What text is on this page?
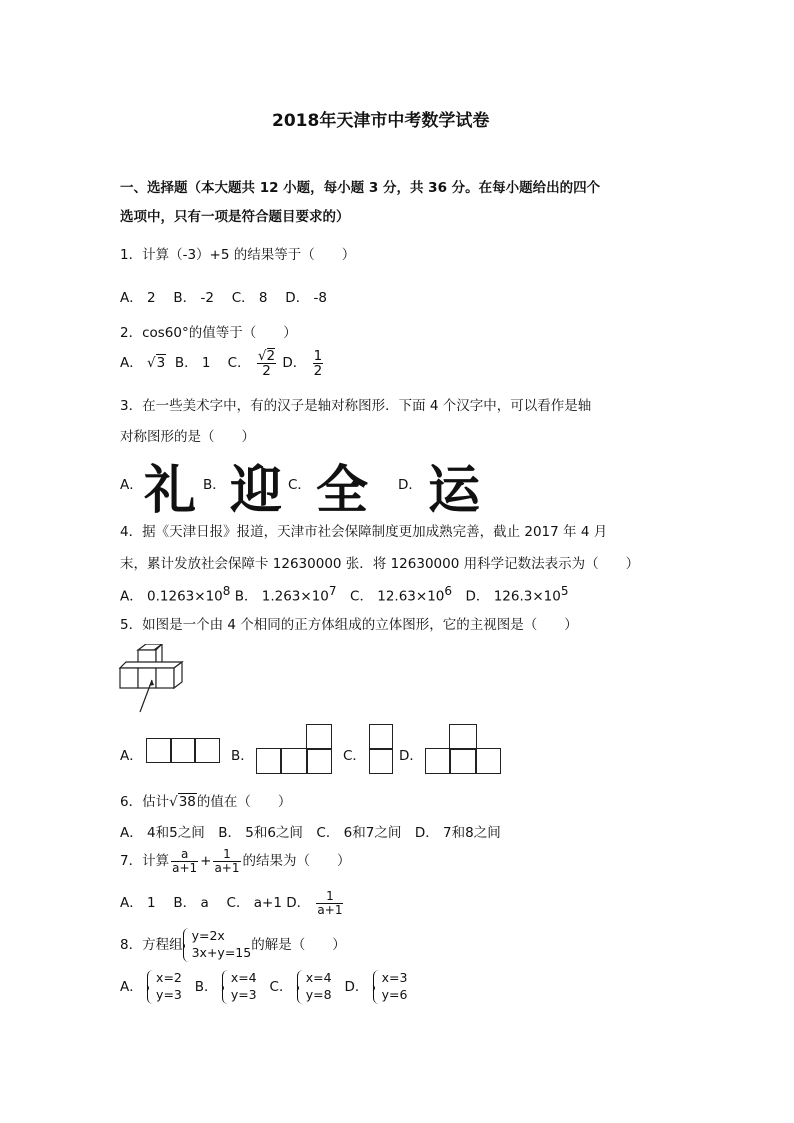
2018年天津市中考数学试卷
一、选择题（本大题共 12 小题，每小题 3 分，共 36 分。在每小题给出的四个
选项中，只有一项是符合题目要求的）
1．计算（-3）+5 的结果等于（　　）
A． 2　 B． -2　 C． 8　 D． -8
2．cos60°的值等于（　　）
A． √3 B． 1 C． $\frac{√2}{2}$ D． $\frac{1}{2}$
3．在一些美术字中，有的汉子是轴对称图形．下面 4 个汉字中，可以看作是轴
对称图形的是（　　）
A． 礼 B． 迎 C． 全 D． 运
4．据《天津日报》报道，天津市社会保障制度更加成熟完善，截止 2017 年 4 月
末，累计发放社会保障卡 12630000 张．将 12630000 用科学记数法表示为（　　）
A． $0.1263\times 10^8$ B． $1.263\times 10^7$　C． $12.63\times 10^6$　D． $126.3\times 10^5$
5．如图是一个由 4 个相同的正方体组成的立体图形，它的主视图是（　　）
A．	B．	C． D．
6．估计√38的值在（　　）
A． 4和5之间　B． 5和6之间　C． 6和7之间　D． 7和8之间
7．计算 $\frac{a}{a+1} + \frac{1}{a+1}$ 的结果为（　　）
A． 1　 B． a　 C． a+1 D． $\frac{1}{a+1}$
8．方程组
y=2x
3x+y=15 的解是（　　）
A．
x=2
y=3 B．
x=4
y=3 C．
x=4
y=8 D．
x=3
y=6
